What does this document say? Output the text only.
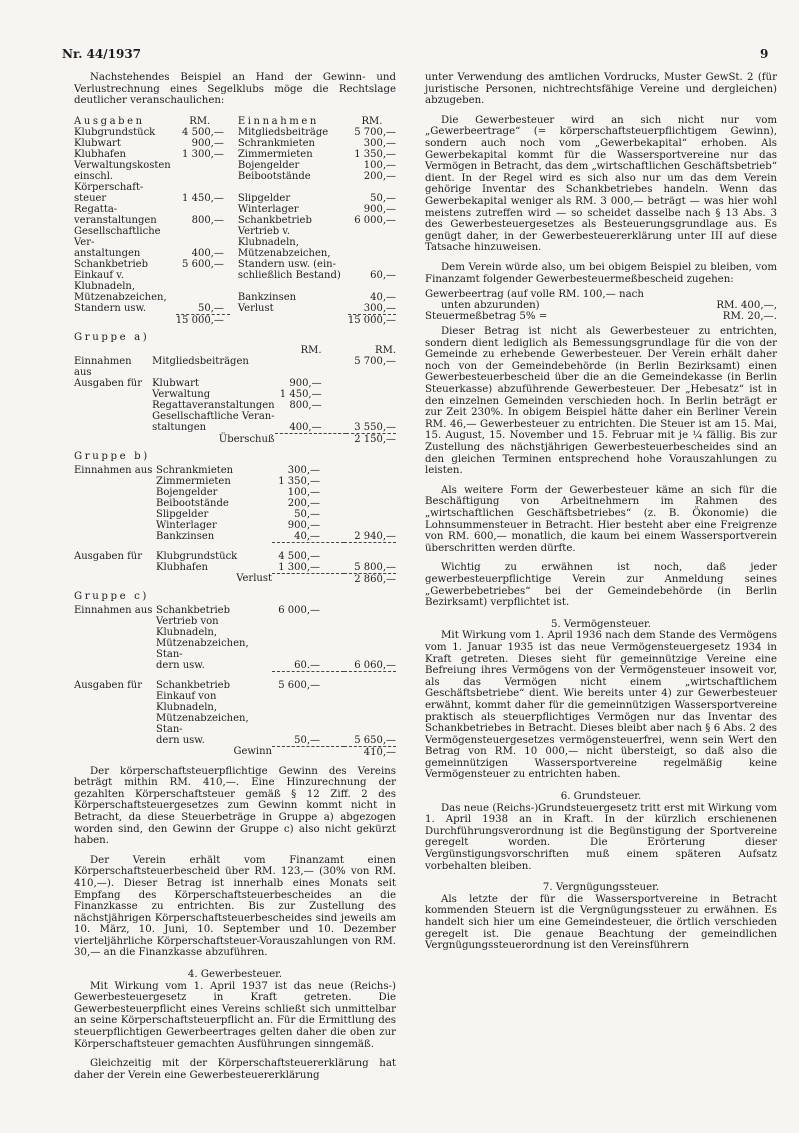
Nr. 44/1937	9

Nachstehendes Beispiel an Hand der Gewinn- und Verlustrechnung eines Segelklubs möge die Rechtslage deutlicher veranschaulichen:

Ausgaben	RM.	Einnahmen	RM.
Klubgrundstück	4 500,—	Mitgliedsbeiträge	5 700,—
Klubwart	900,—	Schrankmieten	300,—
Klubhafen	1 300,—	Zimmermieten	1 350,—
Verwaltungskosten		Bojengelder	100,—
einschl. Körperschaft-		Beibootstände	200,—
steuer	1 450,—	Slipgelder	50,—
Regatta-		Winterlager	900,—
veranstaltungen	800,—	Schankbetrieb	6 000,—
Gesellschaftliche Ver-		Vertrieb v. Klubnadeln,	
anstaltungen	400,—	Mützenabzeichen,	
Schankbetrieb	5 600,—	Standern usw. (ein-	
Einkauf v. Klubnadeln,		schließlich Bestand)	60,—
Mützenabzeichen,		Bankzinsen	40,—
Standern usw.	50,—	Verlust	300,—
	15 000,—		15 000,—
Gruppe a)
		RM.	RM.
Einnahmen aus	Mitgliedsbeiträgen		5 700,—
Ausgaben für	Klubwart	900,—	
	Verwaltung	1 450,—	
	Regattaveranstaltungen	800,—	
	Gesellschaftliche Veran-		
	staltungen	400,—	3 550,—
	Überschuß		2 150,—
Gruppe b)
Einnahmen aus	Schrankmieten	300,—	
	Zimmermieten	1 350,—	
	Bojengelder	100,—	
	Beibootstände	200,—	
	Slipgelder	50,—	
	Winterlager	900,—	
	Bankzinsen	40,—	2 940,—

Ausgaben für	Klubgrundstück	4 500,—	
	Klubhafen	1 300,—	5 800,—
	Verlust		2 860,—
Gruppe c)
Einnahmen aus	Schankbetrieb	6 000,—	
	Vertrieb von Klubnadeln,		
	Mützenabzeichen, Stan-		
	dern usw.	60.—	6 060,—

Ausgaben für	Schankbetrieb	5 600,—	
	Einkauf von Klubnadeln,		
	Mützenabzeichen, Stan-		
	dern usw.	50,—	5 650,—
	Gewinn		410,—

Der körperschaftsteuerpflichtige Gewinn des Vereins beträgt mithin RM. 410,—. Eine Hinzurechnung der gezahlten Körperschaftsteuer gemäß § 12 Ziff. 2 des Körperschaftsteuergesetzes zum Gewinn kommt nicht in Betracht, da diese Steuerbeträge in Gruppe a) abgezogen worden sind, den Gewinn der Gruppe c) also nicht gekürzt haben.

Der Verein erhält vom Finanzamt einen Körperschaftsteuerbescheid über RM. 123,— (30% von RM. 410,—). Dieser Betrag ist innerhalb eines Monats seit Empfang des Körperschaftsteuerbescheides an die Finanzkasse zu entrichten. Bis zur Zustellung des nächstjährigen Körperschaftsteuerbescheides sind jeweils am 10. März, 10. Juni, 10. September und 10. Dezember vierteljährliche Körperschaftsteuer-Vorauszahlungen von RM. 30,— an die Finanzkasse abzuführen.

4. Gewerbesteuer.

Mit Wirkung vom 1. April 1937 ist das neue (Reichs-) Gewerbesteuergesetz in Kraft getreten. Die Gewerbesteuerpflicht eines Vereins schließt sich unmittelbar an seine Körperschaftsteuerpflicht an. Für die Ermittlung des steuerpflichtigen Gewerbeertrages gelten daher die oben zur Körperschaftsteuer gemachten Ausführungen sinngemäß.

Gleichzeitig mit der Körperschaftsteuererklärung hat daher der Verein eine Gewerbesteuererklärung

unter Verwendung des amtlichen Vordrucks, Muster GewSt. 2 (für juristische Personen, nichtrechtsfähige Vereine und dergleichen) abzugeben.

Die Gewerbesteuer wird an sich nicht nur vom „Gewerbeertrage“ (= körperschaftsteuerpflichtigem Gewinn), sondern auch noch vom „Gewerbekapital“ erhoben. Als Gewerbekapital kommt für die Wassersportvereine nur das Vermögen in Betracht, das dem „wirtschaftlichen Geschäftsbetrieb“ dient. In der Regel wird es sich also nur um das dem Verein gehörige Inventar des Schankbetriebes handeln. Wenn das Gewerbekapital weniger als RM. 3 000,— beträgt — was hier wohl meistens zutreffen wird — so scheidet dasselbe nach § 13 Abs. 3 des Gewerbesteuergesetzes als Besteuerungsgrundlage aus. Es genügt daher, in der Gewerbesteuererklärung unter III auf diese Tatsache hinzuweisen.

Dem Verein würde also, um bei obigem Beispiel zu bleiben, vom Finanzamt folgender Gewerbesteuermeßbescheid zugehen:

Gewerbeertrag (auf volle RM. 100,— nach	
unten abzurunden)	RM. 400,—,
Steuermeßbetrag 5% =	RM. 20,—.

Dieser Betrag ist nicht als Gewerbesteuer zu entrichten, sondern dient lediglich als Bemessungsgrundlage für die von der Gemeinde zu erhebende Gewerbesteuer. Der Verein erhält daher noch von der Gemeindebehörde (in Berlin Bezirksamt) einen Gewerbesteuerbescheid über die an die Gemeindekasse (in Berlin Steuerkasse) abzuführende Gewerbesteuer. Der „Hebesatz“ ist in den einzelnen Gemeinden verschieden hoch. In Berlin beträgt er zur Zeit 230%. In obigem Beispiel hätte daher ein Berliner Verein RM. 46,— Gewerbesteuer zu entrichten. Die Steuer ist am 15. Mai, 15. August, 15. November und 15. Februar mit je ¼ fällig. Bis zur Zustellung des nächstjährigen Gewerbesteuerbescheides sind an den gleichen Terminen entsprechend hohe Vorauszahlungen zu leisten.

Als weitere Form der Gewerbesteuer käme an sich für die Beschäftigung von Arbeitnehmern im Rahmen des „wirtschaftlichen Geschäftsbetriebes“ (z. B. Ökonomie) die Lohnsummensteuer in Betracht. Hier besteht aber eine Freigrenze von RM. 600,— monatlich, die kaum bei einem Wassersportverein überschritten werden dürfte.

Wichtig zu erwähnen ist noch, daß jeder gewerbesteuerpflichtige Verein zur Anmeldung seines „Gewerbebetriebes“ bei der Gemeindebehörde (in Berlin Bezirksamt) verpflichtet ist.

5. Vermögensteuer.

Mit Wirkung vom 1. April 1936 nach dem Stande des Vermögens vom 1. Januar 1935 ist das neue Vermögensteuergesetz 1934 in Kraft getreten. Dieses sieht für gemeinnützige Vereine eine Befreiung ihres Vermögens von der Vermögensteuer insoweit vor, als das Vermögen nicht einem „wirtschaftlichem Geschäftsbetriebe“ dient. Wie bereits unter 4) zur Gewerbesteuer erwähnt, kommt daher für die gemeinnützigen Wassersportvereine praktisch als steuerpflichtiges Vermögen nur das Inventar des Schankbetriebes in Betracht. Dieses bleibt aber nach § 6 Abs. 2 des Vermögensteuergesetzes vermögensteuerfrei, wenn sein Wert den Betrag von RM. 10 000,— nicht übersteigt, so daß also die gemeinnützigen Wassersportvereine regelmäßig keine Vermögensteuer zu entrichten haben.

6. Grundsteuer.

Das neue (Reichs-)Grundsteuergesetz tritt erst mit Wirkung vom 1. April 1938 an in Kraft. In der kürzlich erschienenen Durchführungsverordnung ist die Begünstigung der Sportvereine geregelt worden. Die Erörterung dieser Vergünstigungsvorschriften muß einem späteren Aufsatz vorbehalten bleiben.

7. Vergnügungssteuer.

Als letzte der für die Wassersportvereine in Betracht kommenden Steuern ist die Vergnügungssteuer zu erwähnen. Es handelt sich hier um eine Gemeindesteuer, die örtlich verschieden geregelt ist. Die genaue Beachtung der gemeindlichen Vergnügungssteuerordnung ist den Vereinsführern
